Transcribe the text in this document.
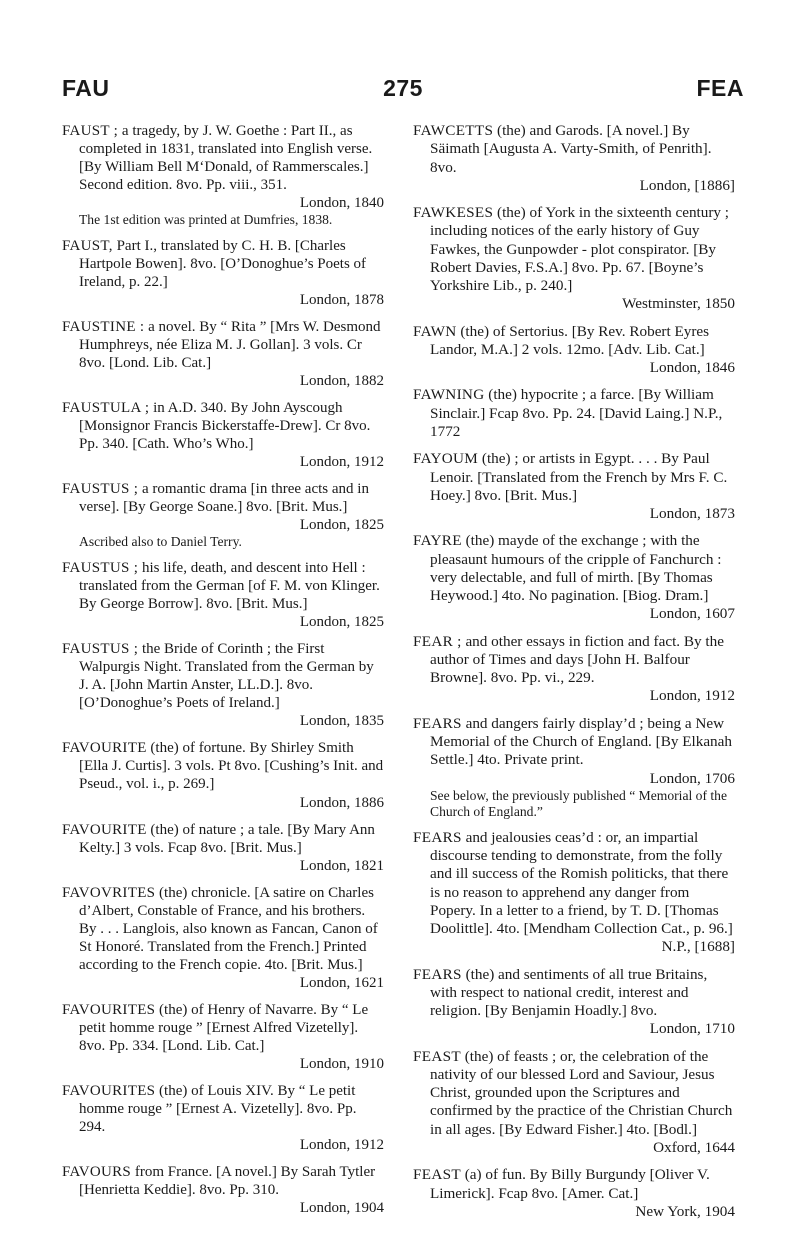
FAU	275	FEA
FAUST ; a tragedy, by J. W. Goethe : Part II., as completed in 1831, translated into English verse. [By William Bell M‘Donald, of Rammerscales.] Second edition. 8vo. Pp. viii., 351.
London, 1840
The 1st edition was printed at Dumfries, 1838.
FAUST, Part I., translated by C. H. B. [Charles Hartpole Bowen]. 8vo. [O’Donoghue’s Poets of Ireland, p. 22.]
London, 1878
FAUSTINE : a novel. By “ Rita ” [Mrs W. Desmond Humphreys, née Eliza M. J. Gollan]. 3 vols. Cr 8vo. [Lond. Lib. Cat.]
London, 1882
FAUSTULA ; in A.D. 340. By John Ayscough [Monsignor Francis Bickerstaffe-Drew]. Cr 8vo. Pp. 340. [Cath. Who’s Who.]
London, 1912
FAUSTUS ; a romantic drama [in three acts and in verse]. [By George Soane.] 8vo. [Brit. Mus.]
London, 1825
Ascribed also to Daniel Terry.
FAUSTUS ; his life, death, and descent into Hell : translated from the German [of F. M. von Klinger. By George Borrow]. 8vo. [Brit. Mus.]
London, 1825
FAUSTUS ; the Bride of Corinth ; the First Walpurgis Night. Translated from the German by J. A. [John Martin Anster, LL.D.]. 8vo. [O’Donoghue’s Poets of Ireland.]
London, 1835
FAVOURITE (the) of fortune. By Shirley Smith [Ella J. Curtis]. 3 vols. Pt 8vo. [Cushing’s Init. and Pseud., vol. i., p. 269.]
London, 1886
FAVOURITE (the) of nature ; a tale. [By Mary Ann Kelty.] 3 vols. Fcap 8vo. [Brit. Mus.]
London, 1821
FAVOVRITES (the) chronicle. [A satire on Charles d’Albert, Constable of France, and his brothers. By . . . Langlois, also known as Fancan, Canon of St Honoré. Translated from the French.] Printed according to the French copie. 4to. [Brit. Mus.]
London, 1621
FAVOURITES (the) of Henry of Navarre. By “ Le petit homme rouge ” [Ernest Alfred Vizetelly]. 8vo. Pp. 334. [Lond. Lib. Cat.]
London, 1910
FAVOURITES (the) of Louis XIV. By “ Le petit homme rouge ” [Ernest A. Vizetelly]. 8vo. Pp. 294.
London, 1912
FAVOURS from France. [A novel.] By Sarah Tytler [Henrietta Keddie]. 8vo. Pp. 310.
London, 1904
FAWCETTS (the) and Garods. [A novel.] By Säimath [Augusta A. Varty-Smith, of Penrith]. 8vo.
London, [1886]
FAWKESES (the) of York in the sixteenth century ; including notices of the early history of Guy Fawkes, the Gunpowder - plot conspirator. [By Robert Davies, F.S.A.] 8vo. Pp. 67. [Boyne’s Yorkshire Lib., p. 240.]
Westminster, 1850
FAWN (the) of Sertorius. [By Rev. Robert Eyres Landor, M.A.] 2 vols. 12mo. [Adv. Lib. Cat.]
London, 1846
FAWNING (the) hypocrite ; a farce. [By William Sinclair.] Fcap 8vo. Pp. 24. [David Laing.] N.P., 1772
FAYOUM (the) ; or artists in Egypt. . . . By Paul Lenoir. [Translated from the French by Mrs F. C. Hoey.] 8vo. [Brit. Mus.]
London, 1873
FAYRE (the) mayde of the exchange ; with the pleasaunt humours of the cripple of Fanchurch : very delectable, and full of mirth. [By Thomas Heywood.] 4to. No pagination. [Biog. Dram.]
London, 1607
FEAR ; and other essays in fiction and fact. By the author of Times and days [John H. Balfour Browne]. 8vo. Pp. vi., 229.
London, 1912
FEARS and dangers fairly display’d ; being a New Memorial of the Church of England. [By Elkanah Settle.] 4to. Private print.
London, 1706
See below, the previously published “ Memorial of the Church of England.”
FEARS and jealousies ceas’d : or, an impartial discourse tending to demonstrate, from the folly and ill success of the Romish politicks, that there is no reason to apprehend any danger from Popery. In a letter to a friend, by T. D. [Thomas Doolittle]. 4to. [Mendham Collection Cat., p. 96.]
N.P., [1688]
FEARS (the) and sentiments of all true Britains, with respect to national credit, interest and religion. [By Benjamin Hoadly.] 8vo.
London, 1710
FEAST (the) of feasts ; or, the celebration of the nativity of our blessed Lord and Saviour, Jesus Christ, grounded upon the Scriptures and confirmed by the practice of the Christian Church in all ages. [By Edward Fisher.] 4to. [Bodl.]
Oxford, 1644
FEAST (a) of fun. By Billy Burgundy [Oliver V. Limerick]. Fcap 8vo. [Amer. Cat.]
New York, 1904
